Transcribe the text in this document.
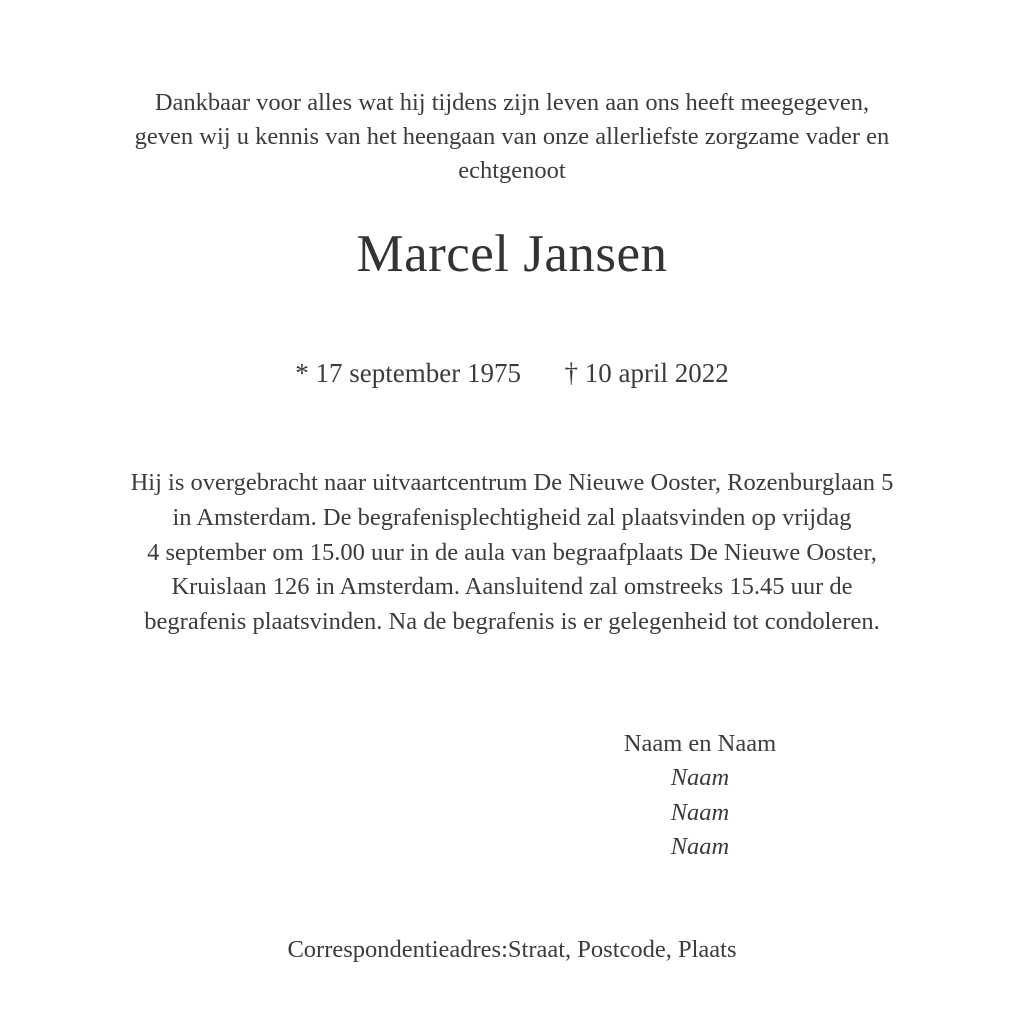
Dankbaar voor alles wat hij tijdens zijn leven aan ons heeft meegegeven,
geven wij u kennis van het heengaan van onze allerliefste zorgzame vader en
echtgenoot
Marcel Jansen
* 17 september 1975 † 10 april 2022
Hij is overgebracht naar uitvaartcentrum De Nieuwe Ooster, Rozenburglaan 5
in Amsterdam. De begrafenisplechtigheid zal plaatsvinden op vrijdag
4 september om 15.00 uur in de aula van begraafplaats De Nieuwe Ooster,
Kruislaan 126 in Amsterdam. Aansluitend zal omstreeks 15.45 uur de
begrafenis plaatsvinden. Na de begrafenis is er gelegenheid tot condoleren.
Naam en Naam
Naam
Naam
Naam
Correspondentieadres:Straat, Postcode, Plaats
